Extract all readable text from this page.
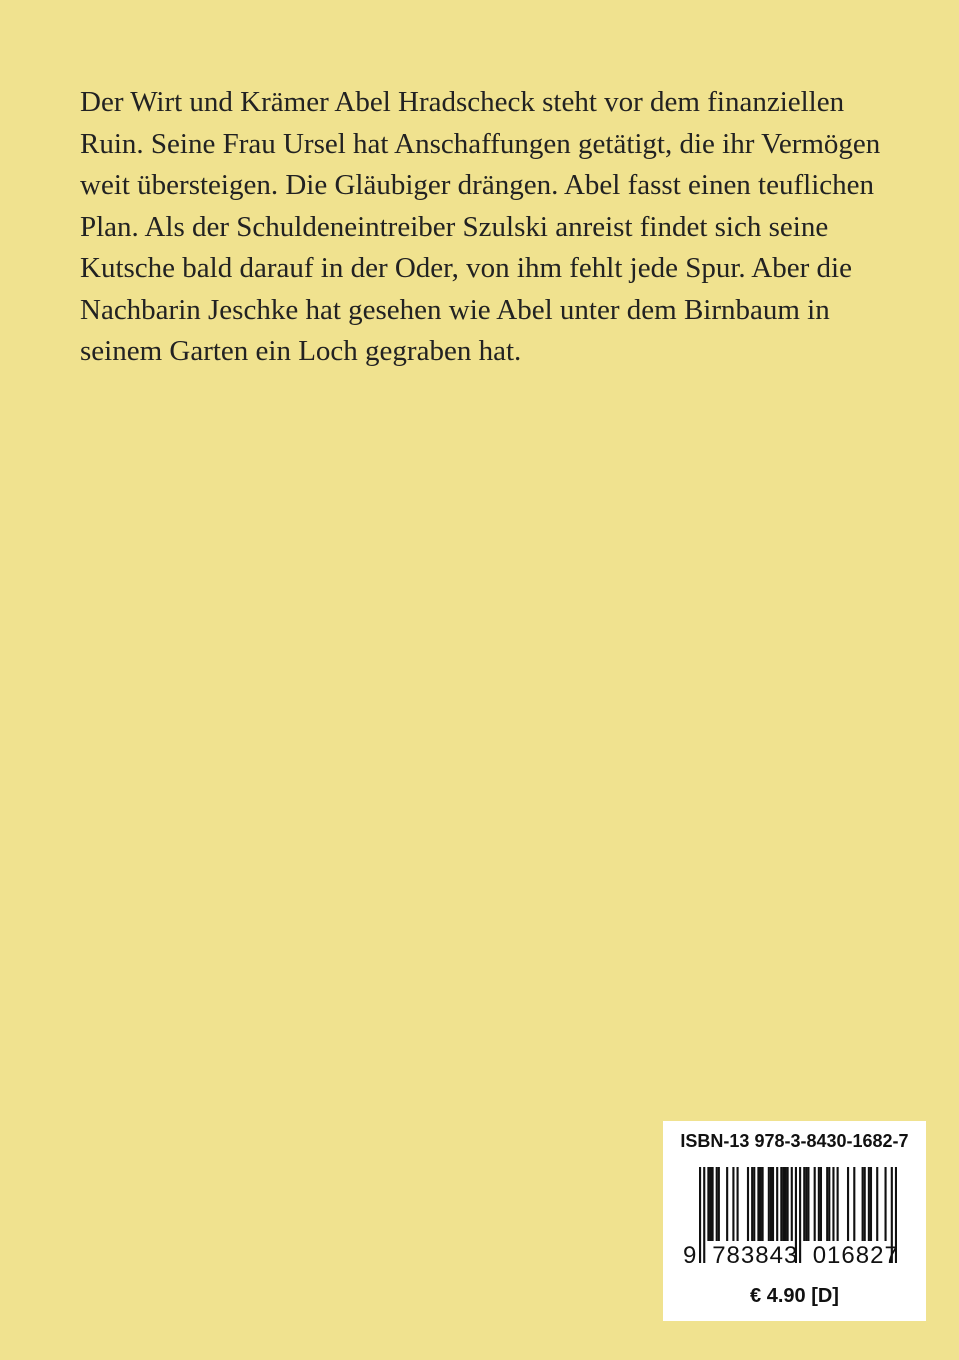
Der Wirt und Krämer Abel Hradscheck steht vor dem finanziellen Ruin. Seine Frau Ursel hat Anschaffungen getätigt, die ihr Vermögen weit übersteigen. Die Gläubiger drängen. Abel fasst einen teuflichen Plan. Als der Schuldeneintreiber Szulski anreist findet sich seine Kutsche bald darauf in der Oder, von ihm fehlt jede Spur. Aber die Nachbarin Jeschke hat gesehen wie Abel unter dem Birnbaum in seinem Garten ein Loch gegraben hat.

ISBN-13 978-3-8430-1682-7
9 783843 016827
€ 4.90 [D]
